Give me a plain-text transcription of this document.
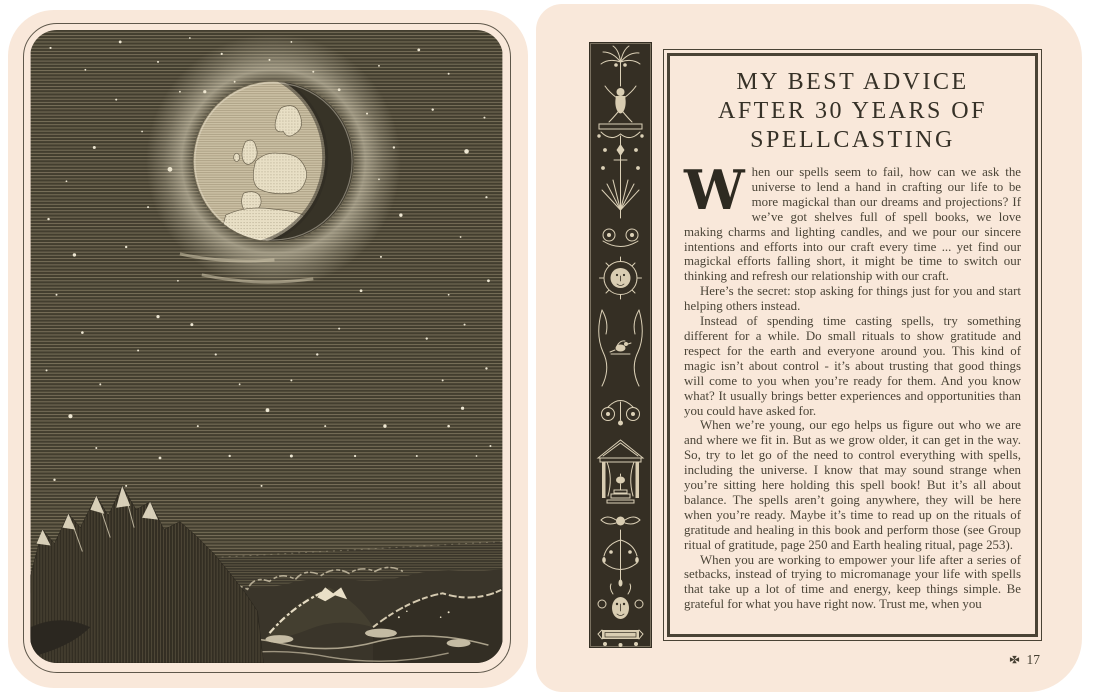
MY BEST ADVICE
AFTER 30 YEARS OF
SPELLCASTING

When our spells seem to fail, how can we ask the universe to lend a hand in crafting our life to be more magickal than our dreams and projections? If we’ve got shelves full of spell books, we love making charms and lighting candles, and we pour our sincere intentions and efforts into our craft every time ... yet find our magickal efforts falling short, it might be time to switch our thinking and refresh our relationship with our craft.

Here’s the secret: stop asking for things just for you and start helping others instead.

Instead of spending time casting spells, try something different for a while. Do small rituals to show gratitude and respect for the earth and everyone around you. This kind of magic isn’t about control - it’s about trusting that good things will come to you when you’re ready for them. And you know what? It usually brings better experiences and opportunities than you could have asked for.

When we’re young, our ego helps us figure out who we are and where we fit in. But as we grow older, it can get in the way. So, try to let go of the need to control everything with spells, including the universe. I know that may sound strange when you’re sitting here holding this spell book! But it’s all about balance. The spells aren’t going anywhere, they will be here when you’re ready. Maybe it’s time to read up on the rituals of gratitude and healing in this book and perform those (see Group ritual of gratitude, page 250 and Earth healing ritual, page 253).

When you are working to empower your life after a series of setbacks, instead of trying to micromanage your life with spells that take up a lot of time and energy, keep things simple. Be grateful for what you have right now. Trust me, when you

17
